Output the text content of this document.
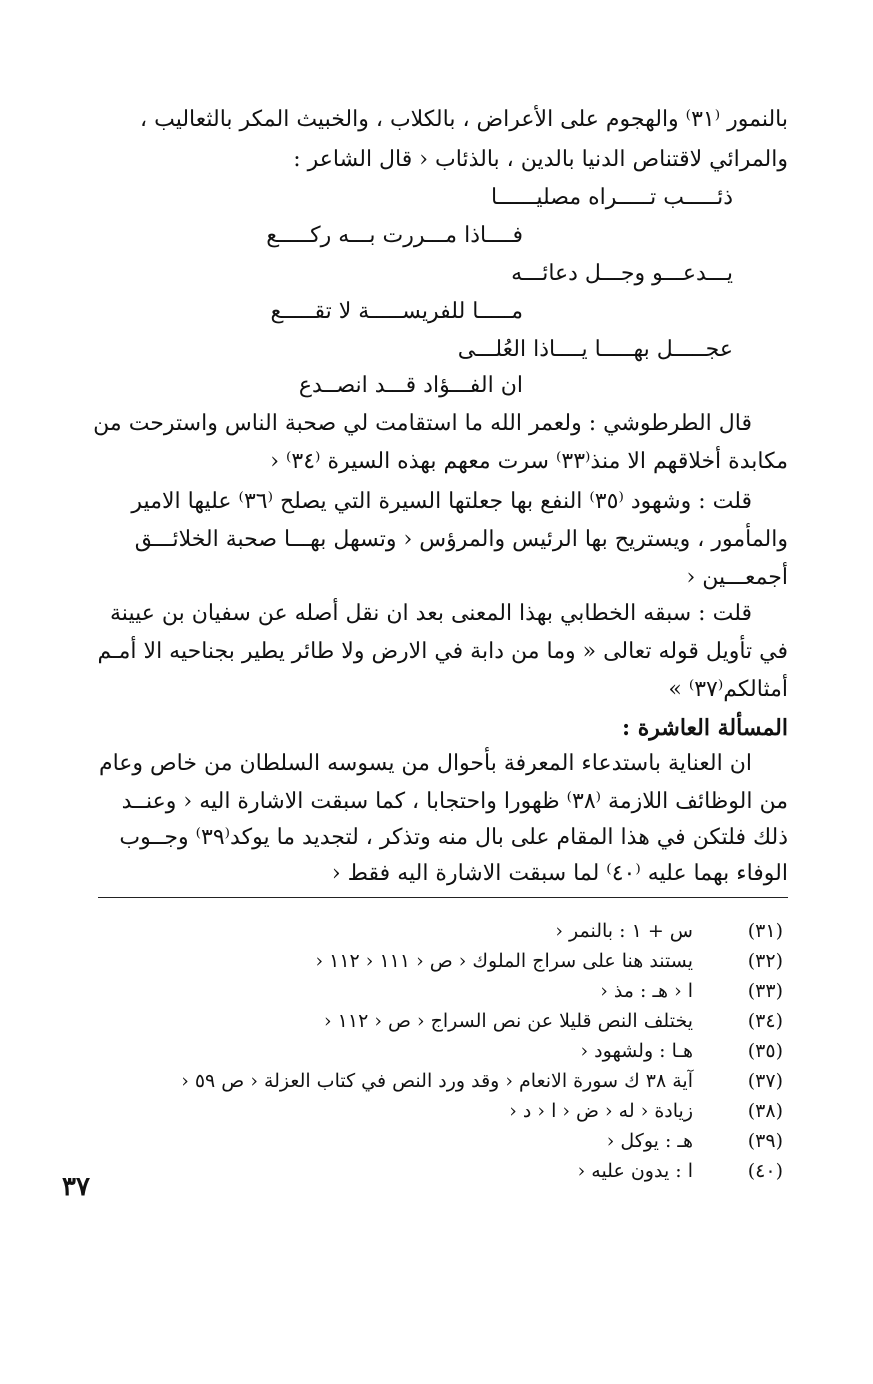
بالنمور ⁽٣١⁾ والهجوم على الأعراض ، بالكلاب ، والخبيث المكر بالثعاليب ،
والمرائي لاقتناص الدنيا بالدين ، بالذئاب ‹ قال الشاعر :
ذئـــــب تـــــراه مصليــــــا
فــــاذا مـــررت بـــه ركـــــع
يـــدعـــو وجـــل دعائـــه
مـــــا للفريســـــة لا تقـــــع
عجـــــل بهـــــا يــــاذا العُلـــى
ان الفـــؤاد قـــد انصــدع
قال الطرطوشي : ولعمر الله ما استقامت لي صحبة الناس واسترحت من
مكابدة أخلاقهم الا منذ⁽٣٣⁾ سرت معهم بهذه السيرة ⁽٣٤⁾ ‹
قلت : وشهود ⁽٣٥⁾ النفع بها جعلتها السيرة التي يصلح ⁽٣٦⁾ عليها الامير
والمأمور ، ويستريح بها الرئيس والمرؤس ‹ وتسهل بهـــا صحبة الخلائـــق
أجمعـــين ‹
قلت : سبقه الخطابي بهذا المعنى بعد ان نقل أصله عن سفيان بن عيينة
في تأويل قوله تعالى « وما من دابة في الارض ولا طائر يطير بجناحيه الا أمـم
أمثالكم⁽٣٧⁾ »
المسألة العاشرة :
ان العناية باستدعاء المعرفة بأحوال من يسوسه السلطان من خاص وعام
من الوظائف اللازمة ⁽٣٨⁾ ظهورا واحتجابا ، كما سبقت الاشارة اليه ‹ وعنــد
ذلك فلتكن في هذا المقام على بال منه وتذكر ، لتجديد ما يوكد⁽٣٩⁾ وجــوب
الوفاء بهما عليه ⁽٤٠⁾ لما سبقت الاشارة اليه فقط ‹
(٣١)
س + ١ : بالنمر ‹
(٣٢)
يستند هنا على سراج الملوك ‹ ص ‹ ١١١ ‹ ١١٢ ‹
(٣٣)
ا ‹ هـ : مذ ‹
(٣٤)
يختلف النص قليلا عن نص السراج ‹ ص ‹ ١١٢ ‹
(٣٥)
هـا : ولشهود ‹
(٣٧)
آية ٣٨ ك سورة الانعام ‹ وقد ورد النص في كتاب العزلة ‹ ص ٥٩ ‹
(٣٨)
زيادة ‹ له ‹ ض ‹ ا ‹ د ‹
(٣٩)
هـ : يوكل ‹
(٤٠)
ا : يدون عليه ‹
٣٧
